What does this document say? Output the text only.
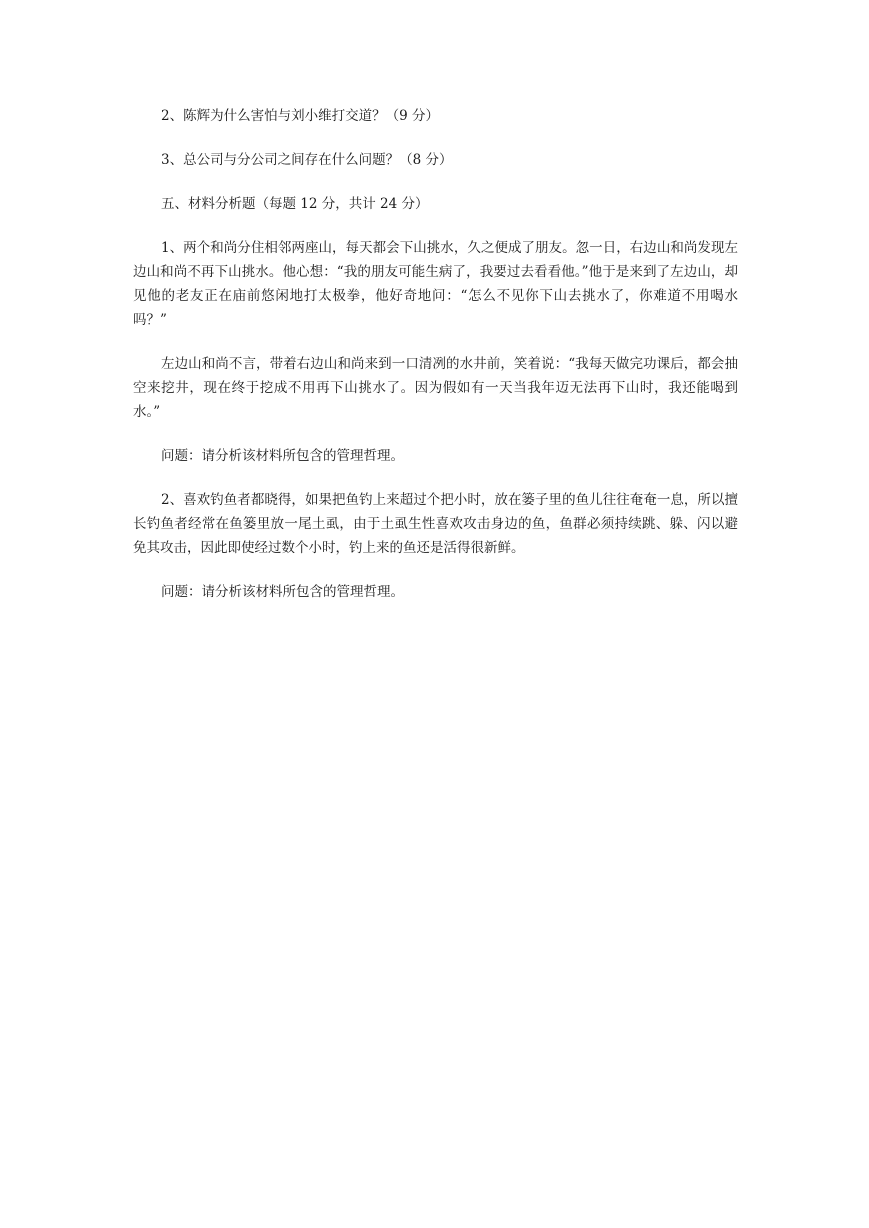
2、陈辉为什么害怕与刘小维打交道？（9 分）

3、总公司与分公司之间存在什么问题？（8 分）

五、材料分析题（每题 12 分，共计 24 分）

1、两个和尚分住相邻两座山，每天都会下山挑水，久之便成了朋友。忽一日，右边山和尚发现左边山和尚不再下山挑水。他心想：“我的朋友可能生病了，我要过去看看他。”他于是来到了左边山，却见他的老友正在庙前悠闲地打太极拳，他好奇地问：“怎么不见你下山去挑水了，你难道不用喝水吗？”

左边山和尚不言，带着右边山和尚来到一口清冽的水井前，笑着说：“我每天做完功课后，都会抽空来挖井，现在终于挖成不用再下山挑水了。因为假如有一天当我年迈无法再下山时，我还能喝到水。”

问题：请分析该材料所包含的管理哲理。

2、喜欢钓鱼者都晓得，如果把鱼钓上来超过个把小时，放在篓子里的鱼儿往往奄奄一息，所以擅长钓鱼者经常在鱼篓里放一尾土虱，由于土虱生性喜欢攻击身边的鱼，鱼群必须持续跳、躲、闪以避免其攻击，因此即使经过数个小时，钓上来的鱼还是活得很新鲜。

问题：请分析该材料所包含的管理哲理。
